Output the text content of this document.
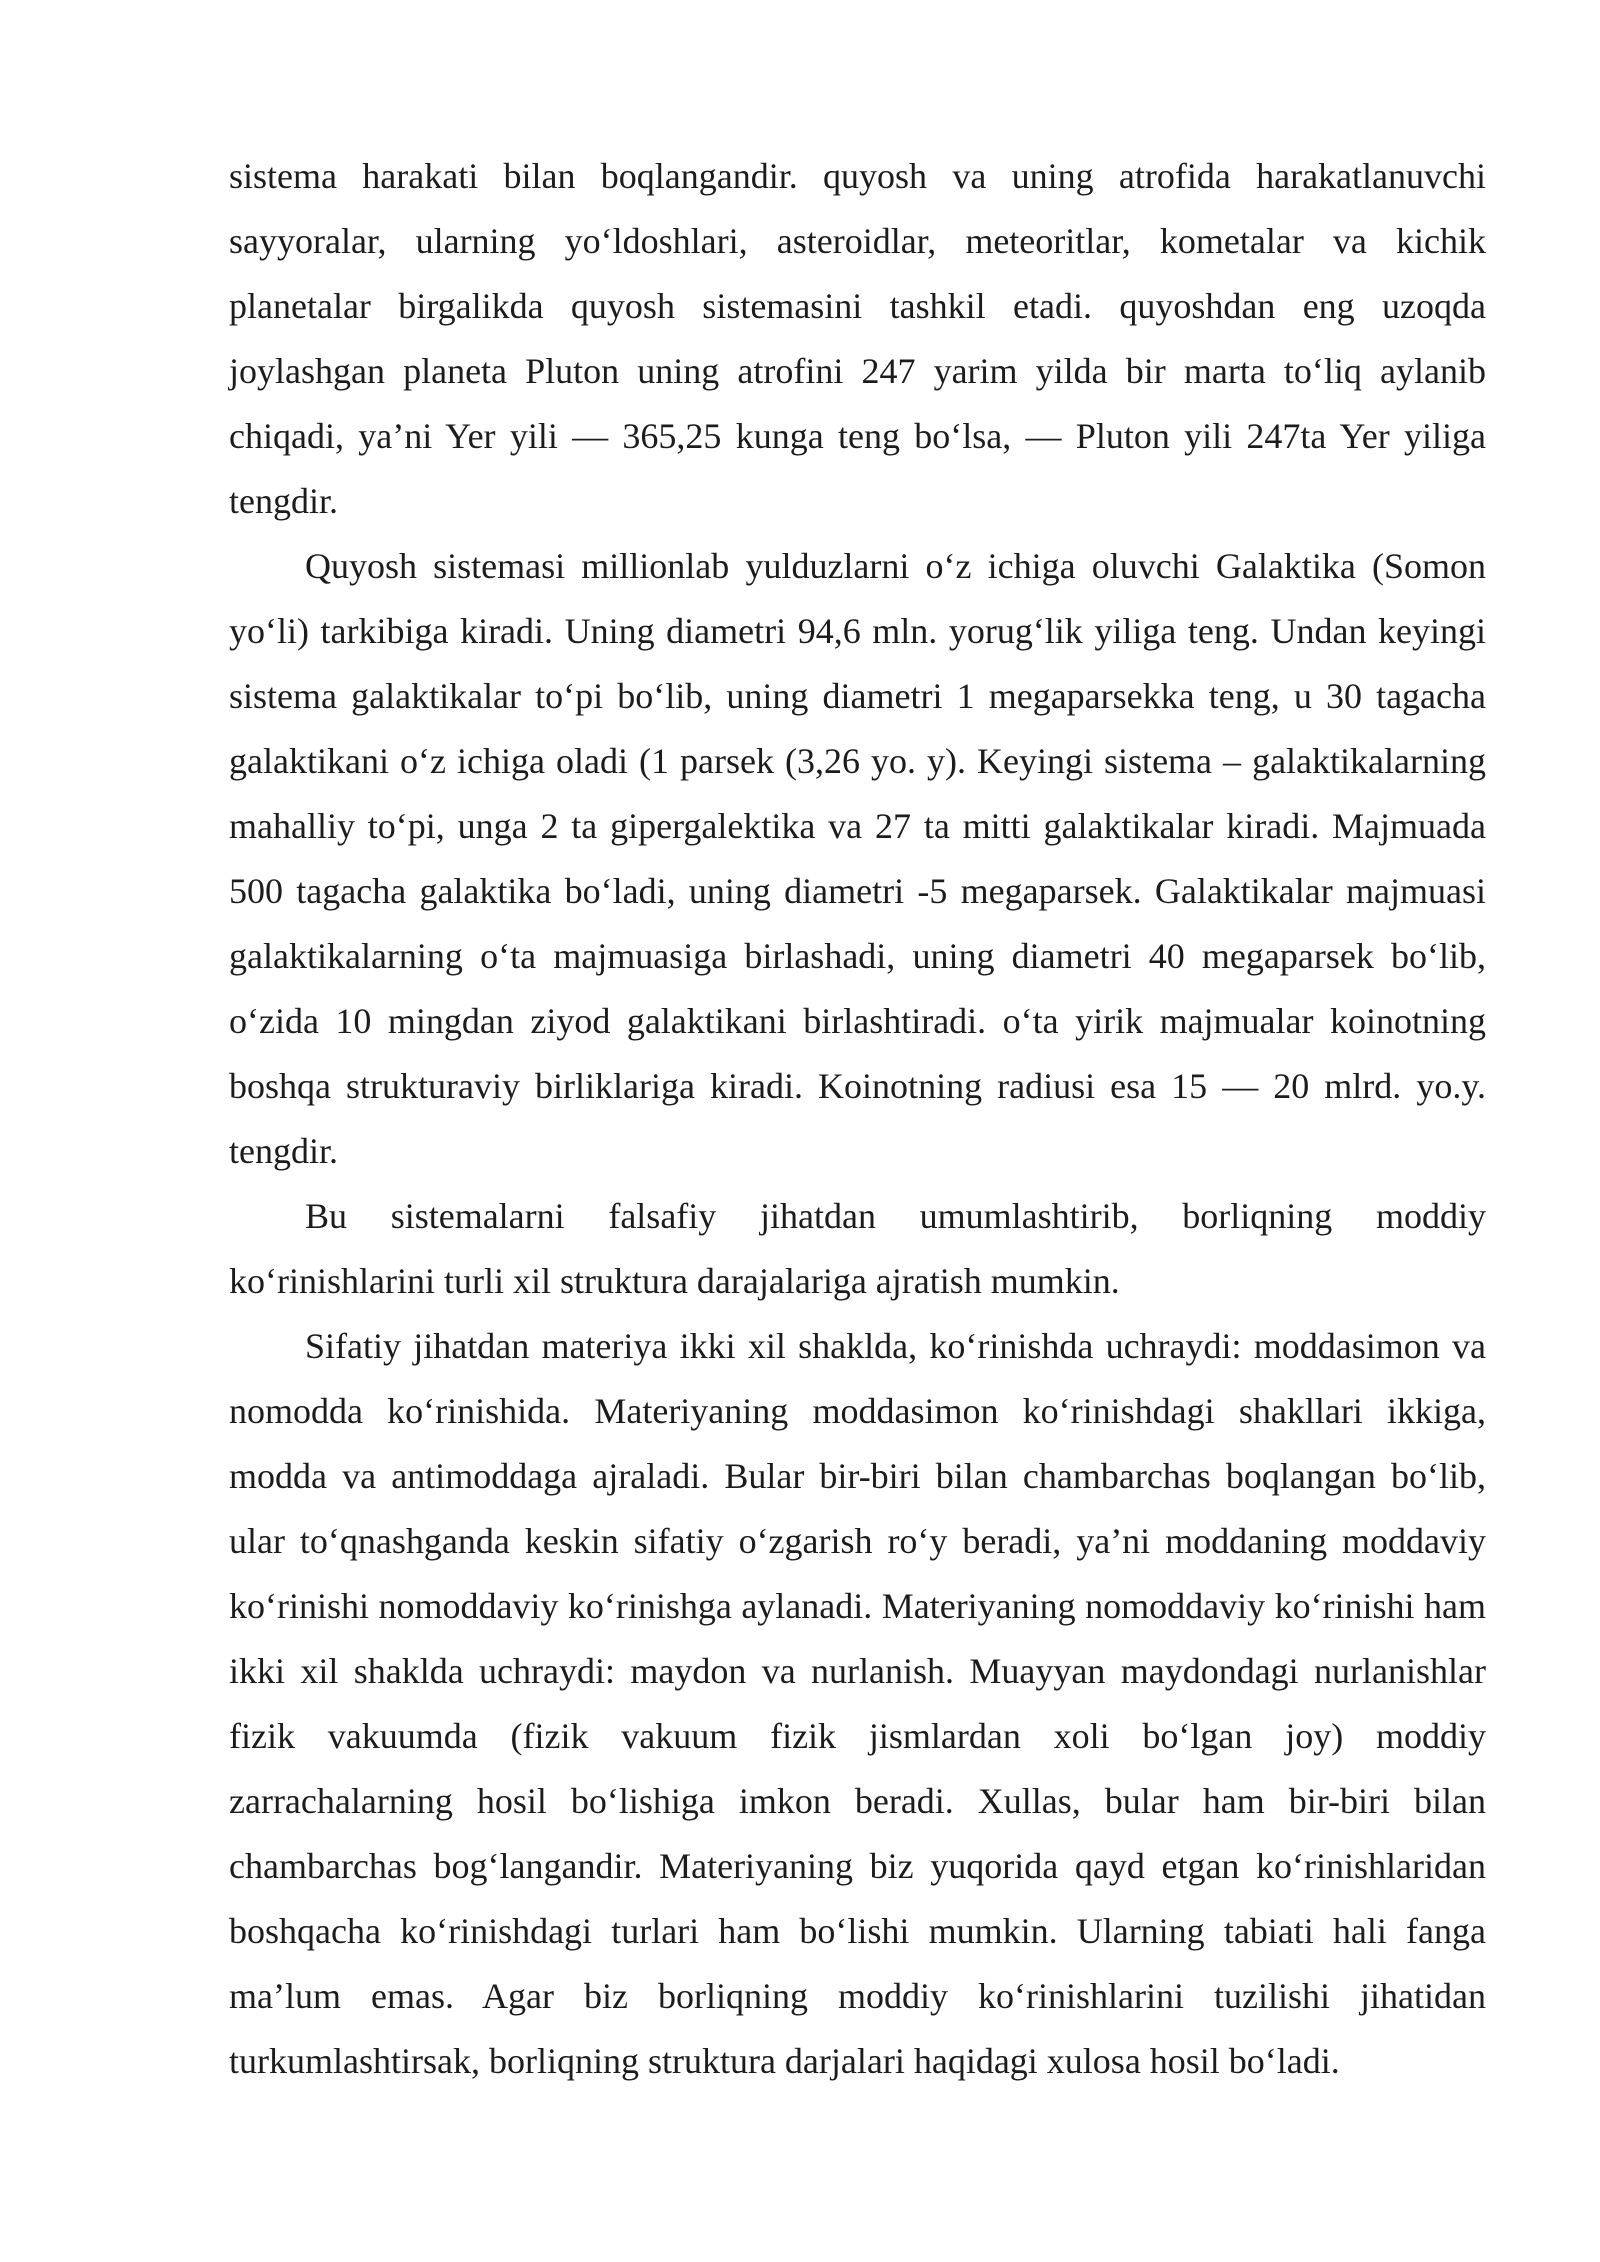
sistema harakati bilan boqlangandir. quyosh va uning atrofida harakatlanuvchi sayyoralar, ularning yo‘ldoshlari, asteroidlar, meteoritlar, kometalar va kichik planetalar birgalikda quyosh sistemasini tashkil etadi. quyoshdan eng uzoqda joylashgan planeta Pluton uning atrofini 247 yarim yilda bir marta to‘liq aylanib chiqadi, ya’ni Yer yili — 365,25 kunga teng bo‘lsa, — Pluton yili 247ta Yer yiliga tengdir.

Quyosh sistemasi millionlab yulduzlarni o‘z ichiga oluvchi Galaktika (Somon yo‘li) tarkibiga kiradi. Uning diametri 94,6 mln. yorug‘lik yiliga teng. Undan keyingi sistema galaktikalar to‘pi bo‘lib, uning diametri 1 megaparsekka teng, u 30 tagacha galaktikani o‘z ichiga oladi (1 parsek (3,26 yo. y). Keyingi sistema – galaktikalarning mahalliy to‘pi, unga 2 ta gipergalektika va 27 ta mitti galaktikalar kiradi. Majmuada 500 tagacha galaktika bo‘ladi, uning diametri -5 megaparsek. Galaktikalar majmuasi galaktikalarning o‘ta majmuasiga birlashadi, uning diametri 40 megaparsek bo‘lib, o‘zida 10 mingdan ziyod galaktikani birlashtiradi. o‘ta yirik majmualar koinotning boshqa strukturaviy birliklariga kiradi. Koinotning radiusi esa 15 — 20 mlrd. yo.y. tengdir.

Bu sistemalarni falsafiy jihatdan umumlashtirib, borliqning moddiy ko‘rinishlarini turli xil struktura darajalariga ajratish mumkin.

Sifatiy jihatdan materiya ikki xil shaklda, ko‘rinishda uchraydi: moddasimon va nomodda ko‘rinishida. Materiyaning moddasimon ko‘rinishdagi shakllari ikkiga, modda va antimoddaga ajraladi. Bular bir-biri bilan chambarchas boqlangan bo‘lib, ular to‘qnashganda keskin sifatiy o‘zgarish ro‘y beradi, ya’ni moddaning moddaviy ko‘rinishi nomoddaviy ko‘rinishga aylanadi. Materiyaning nomoddaviy ko‘rinishi ham ikki xil shaklda uchraydi: maydon va nurlanish. Muayyan maydondagi nurlanishlar fizik vakuumda (fizik vakuum fizik jismlardan xoli bo‘lgan joy) moddiy zarrachalarning hosil bo‘lishiga imkon beradi. Xullas, bular ham bir-biri bilan chambarchas bog‘langandir. Materiyaning biz yuqorida qayd etgan ko‘rinishlaridan boshqacha ko‘rinishdagi turlari ham bo‘lishi mumkin. Ularning tabiati hali fanga ma’lum emas. Agar biz borliqning moddiy ko‘rinishlarini tuzilishi jihatidan turkumlashtirsak, borliqning struktura darjalari haqidagi xulosa hosil bo‘ladi.
